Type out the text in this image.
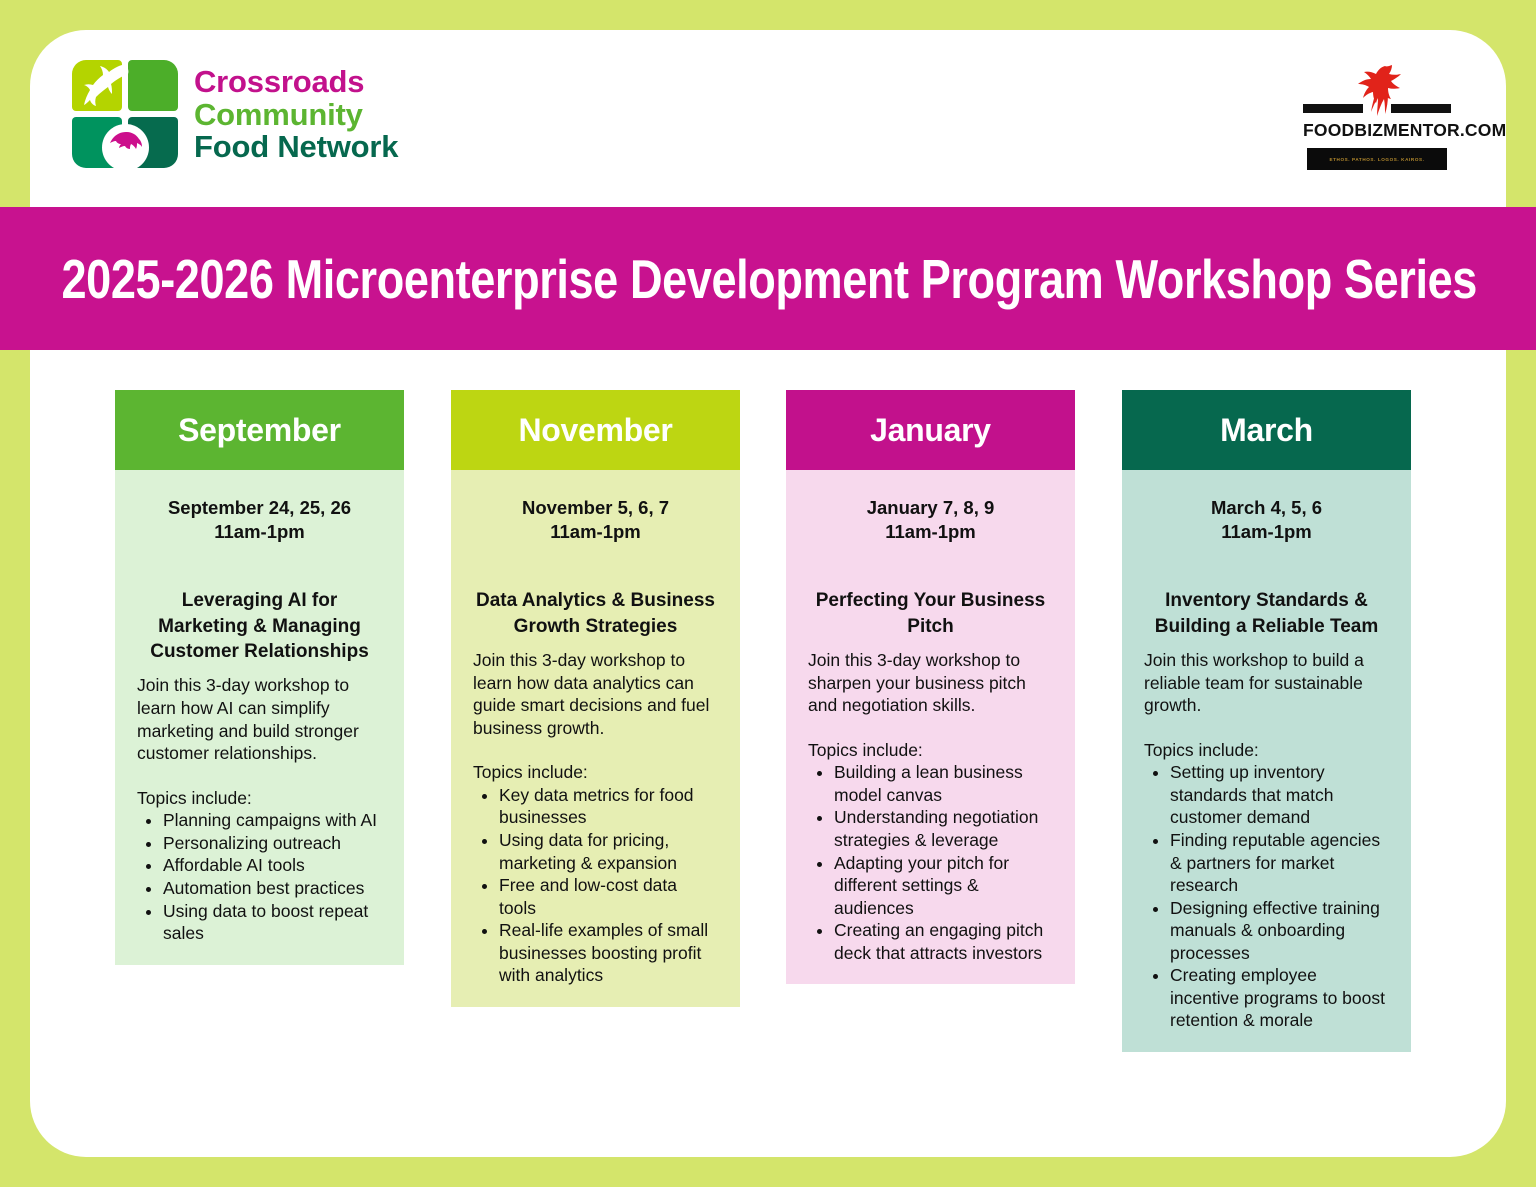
Crossroads
Community
Food Network	FOODBIZMENTOR.COM
ETHOS. PATHOS. LOGOS. KAIROS.
2025-2026 Microenterprise Development Program Workshop Series
September

September 24, 25, 26
11am-1pm

Leveraging AI for Marketing & Managing Customer Relationships

Join this 3-day workshop to learn how AI can simplify marketing and build stronger customer relationships.

Topics include:

• Planning campaigns with AI
• Personalizing outreach
• Affordable AI tools
• Automation best practices
• Using data to boost repeat sales
November

November 5, 6, 7
11am-1pm

Data Analytics & Business Growth Strategies

Join this 3-day workshop to learn how data analytics can guide smart decisions and fuel business growth.

Topics include:

• Key data metrics for food businesses
• Using data for pricing, marketing & expansion
• Free and low-cost data tools
• Real-life examples of small businesses boosting profit with analytics
January

January 7, 8, 9
11am-1pm

Perfecting Your Business Pitch

Join this 3-day workshop to sharpen your business pitch and negotiation skills.

Topics include:

• Building a lean business model canvas
• Understanding negotiation strategies & leverage
• Adapting your pitch for different settings & audiences
• Creating an engaging pitch deck that attracts investors
March

March 4, 5, 6
11am-1pm

Inventory Standards & Building a Reliable Team

Join this workshop to build a reliable team for sustainable growth.

Topics include:

• Setting up inventory standards that match customer demand
• Finding reputable agencies & partners for market research
• Designing effective training manuals & onboarding processes
• Creating employee incentive programs to boost retention & morale
